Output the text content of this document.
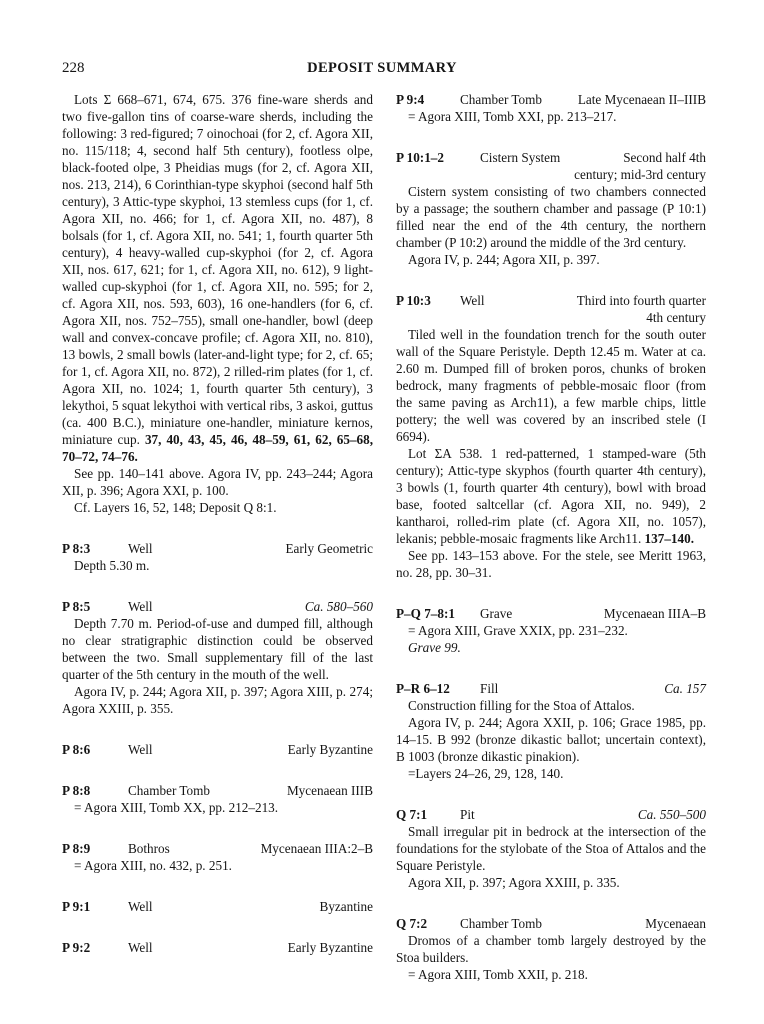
228	DEPOSIT SUMMARY

Lots Σ 668–671, 674, 675. 376 fine-ware sherds and two five-gallon tins of coarse-ware sherds, including the following: 3 red-figured; 7 oinochoai (for 2, cf. Agora XII, no. 115/118; 4, second half 5th century), footless olpe, black-footed olpe, 3 Pheidias mugs (for 2, cf. Agora XII, nos. 213, 214), 6 Corinthian-type skyphoi (second half 5th century), 3 Attic-type skyphoi, 13 stemless cups (for 1, cf. Agora XII, no. 466; for 1, cf. Agora XII, no. 487), 8 bolsals (for 1, cf. Agora XII, no. 541; 1, fourth quarter 5th century), 4 heavy-walled cup-skyphoi (for 2, cf. Agora XII, nos. 617, 621; for 1, cf. Agora XII, no. 612), 9 light-walled cup-skyphoi (for 1, cf. Agora XII, no. 595; for 2, cf. Agora XII, nos. 593, 603), 16 one-handlers (for 6, cf. Agora XII, nos. 752–755), small one-handler, bowl (deep wall and convex-concave profile; cf. Agora XII, no. 810), 13 bowls, 2 small bowls (later-and-light type; for 2, cf. 65; for 1, cf. Agora XII, no. 872), 2 rilled-rim plates (for 1, cf. Agora XII, no. 1024; 1, fourth quarter 5th century), 3 lekythoi, 5 squat lekythoi with vertical ribs, 3 askoi, guttus (ca. 400 B.C.), miniature one-handler, miniature kernos, miniature cup. 37, 40, 43, 45, 46, 48–59, 61, 62, 65–68, 70–72, 74–76.

See pp. 140–141 above. Agora IV, pp. 243–244; Agora XII, p. 396; Agora XXI, p. 100.

Cf. Layers 16, 52, 148; Deposit Q 8:1.

P 8:3	Well	Early Geometric

Depth 5.30 m.

P 8:5	Well	Ca. 580–560

Depth 7.70 m. Period-of-use and dumped fill, although no clear stratigraphic distinction could be observed between the two. Small supplementary fill of the last quarter of the 5th century in the mouth of the well.

Agora IV, p. 244; Agora XII, p. 397; Agora XIII, p. 274; Agora XXIII, p. 355.

P 8:6	Well	Early Byzantine
P 8:8	Chamber Tomb	Mycenaean IIIB

= Agora XIII, Tomb XX, pp. 212–213.

P 8:9	Bothros	Mycenaean IIIA:2–B

= Agora XIII, no. 432, p. 251.

P 9:1	Well	Byzantine
P 9:2	Well	Early Byzantine
P 9:4	Chamber Tomb	Late Mycenaean II–IIIB

= Agora XIII, Tomb XXI, pp. 213–217.

P 10:1–2	Cistern System	Second half 4th
century; mid-3rd century

Cistern system consisting of two chambers connected by a passage; the southern chamber and passage (P 10:1) filled near the end of the 4th century, the northern chamber (P 10:2) around the middle of the 3rd century.

Agora IV, p. 244; Agora XII, p. 397.

P 10:3 Well	Third into fourth quarter
4th century

Tiled well in the foundation trench for the south outer wall of the Square Peristyle. Depth 12.45 m. Water at ca. 2.60 m. Dumped fill of broken poros, chunks of broken bedrock, many fragments of pebble-mosaic floor (from the same paving as Arch11), a few marble chips, little pottery; the well was covered by an inscribed stele (I 6694).

Lot ΣA 538. 1 red-patterned, 1 stamped-ware (5th century); Attic-type skyphos (fourth quarter 4th century), 3 bowls (1, fourth quarter 4th century), bowl with broad base, footed saltcellar (cf. Agora XII, no. 949), 2 kantharoi, rolled-rim plate (cf. Agora XII, no. 1057), lekanis; pebble-mosaic fragments like Arch11. 137–140.

See pp. 143–153 above. For the stele, see Meritt 1963, no. 28, pp. 30–31.

P–Q 7–8:1 Grave	Mycenaean IIIA–B

= Agora XIII, Grave XXIX, pp. 231–232.

Grave 99.

P–R 6–12 Fill	Ca. 157

Construction filling for the Stoa of Attalos.

Agora IV, p. 244; Agora XXII, p. 106; Grace 1985, pp. 14–15. B 992 (bronze dikastic ballot; uncertain context), B 1003 (bronze dikastic pinakion).

=Layers 24–26, 29, 128, 140.

Q 7:1 Pit	Ca. 550–500

Small irregular pit in bedrock at the intersection of the foundations for the stylobate of the Stoa of Attalos and the Square Peristyle.

Agora XII, p. 397; Agora XXIII, p. 335.

Q 7:2 Chamber Tomb	Mycenaean

Dromos of a chamber tomb largely destroyed by the Stoa builders.

= Agora XIII, Tomb XXII, p. 218.
